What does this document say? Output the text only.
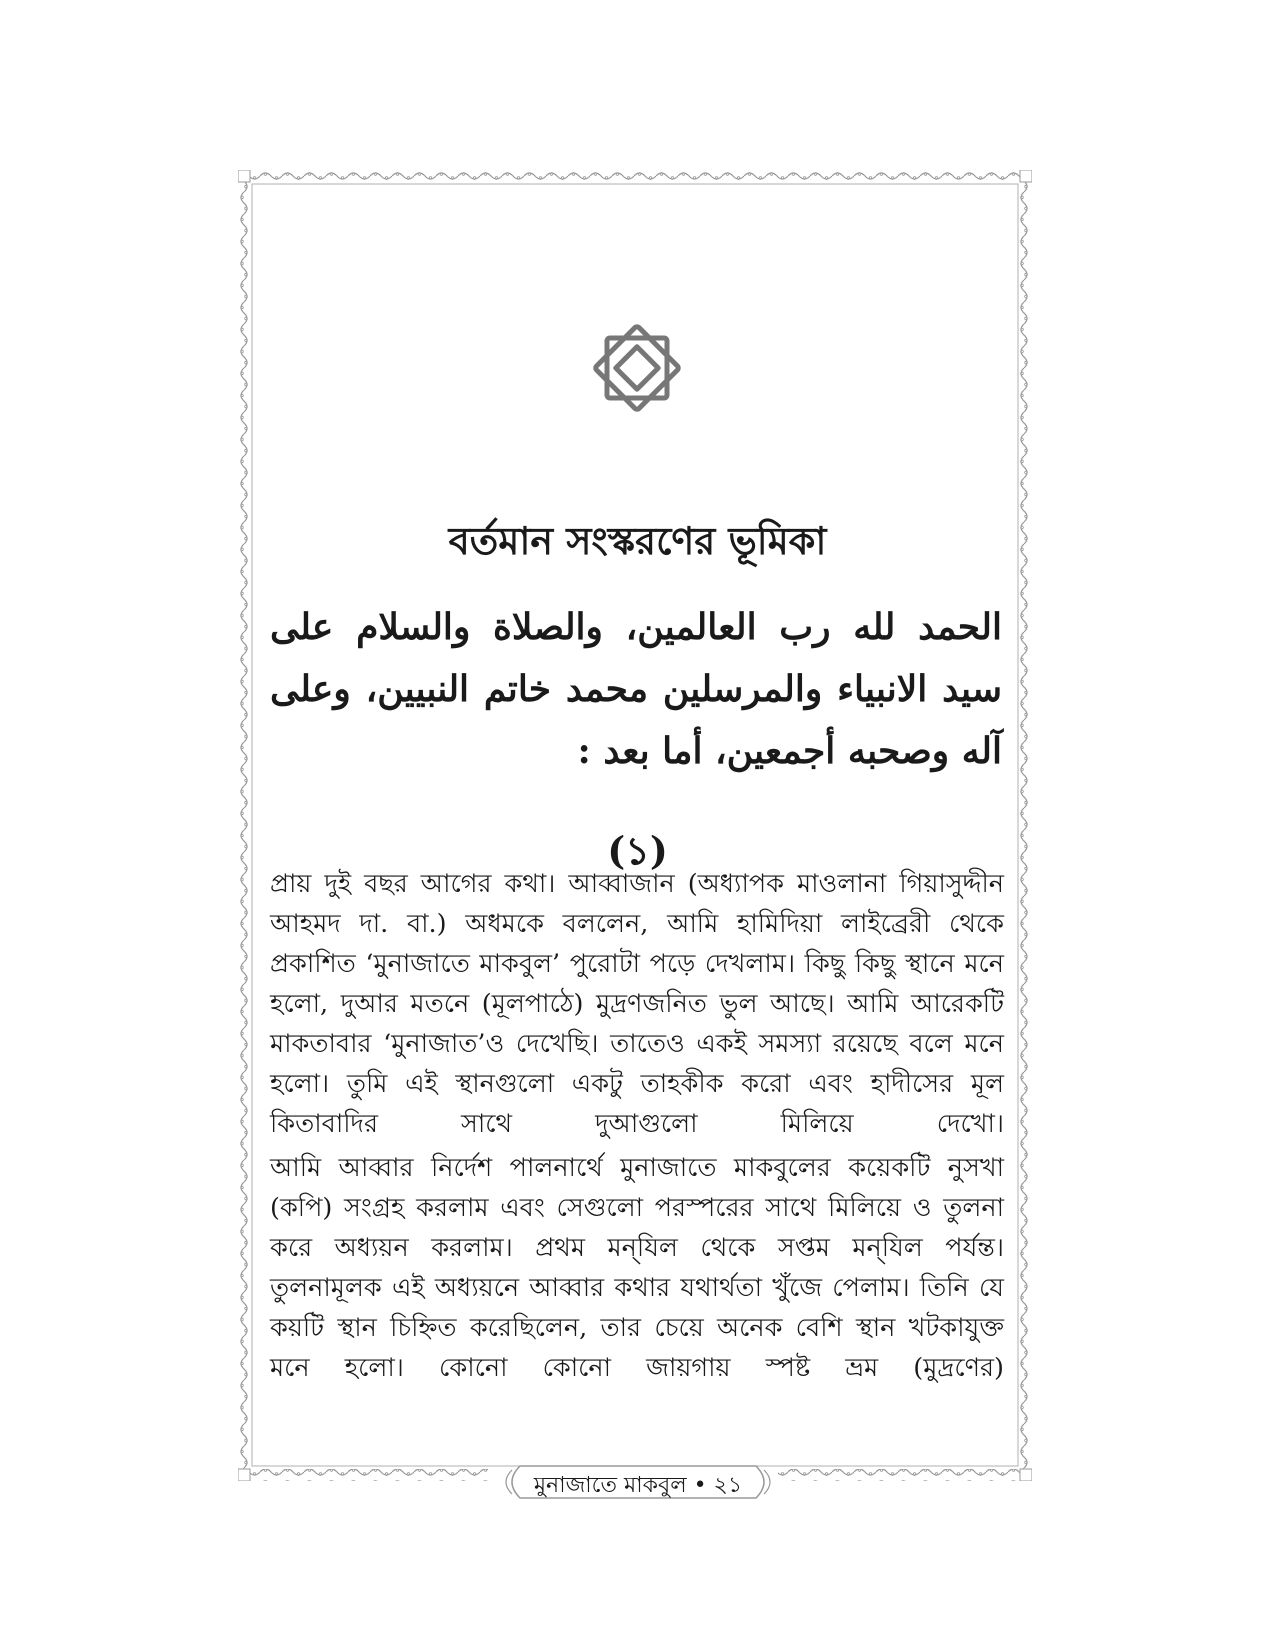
বর্তমান সংস্করণের ভূমিকা
الحمد لله رب العالمين، والصلاة والسلام على سيد الانبياء والمرسلين محمد خاتم النبيين، وعلى آله وصحبه أجمعين، أما بعد :
(১)

প্রায় দুই বছর আগের কথা। আব্বাজান (অধ্যাপক মাওলানা গিয়াসুদ্দীন আহমদ দা. বা.) অধমকে বললেন, আমি হামিদিয়া লাইব্রেরী থেকে প্রকাশিত ‘মুনাজাতে মাকবুল’ পুরোটা পড়ে দেখলাম। কিছু কিছু স্থানে মনে হলো, দুআর মতনে (মূলপাঠে) মুদ্রণজনিত ভুল আছে। আমি আরেকটি মাকতাবার ‘মুনাজাত’ও দেখেছি। তাতেও একই সমস্যা রয়েছে বলে মনে হলো। তুমি এই স্থানগুলো একটু তাহকীক করো এবং হাদীসের মূল কিতাবাদির সাথে দুআগুলো মিলিয়ে দেখো।

আমি আব্বার নির্দেশ পালনার্থে মুনাজাতে মাকবুলের কয়েকটি নুসখা (কপি) সংগ্রহ করলাম এবং সেগুলো পরস্পরের সাথে মিলিয়ে ও তুলনা করে অধ্যয়ন করলাম। প্রথম মন্‌যিল থেকে সপ্তম মন্‌যিল পর্যন্ত। তুলনামূলক এই অধ্যয়নে আব্বার কথার যথার্থতা খুঁজে পেলাম। তিনি যে কয়টি স্থান চিহ্নিত করেছিলেন, তার চেয়ে অনেক বেশি স্থান খটকাযুক্ত মনে হলো। কোনো কোনো জায়গায় স্পষ্ট ভ্রম (মুদ্রণের)

মুনাজাতে মাকবুল • ২১
